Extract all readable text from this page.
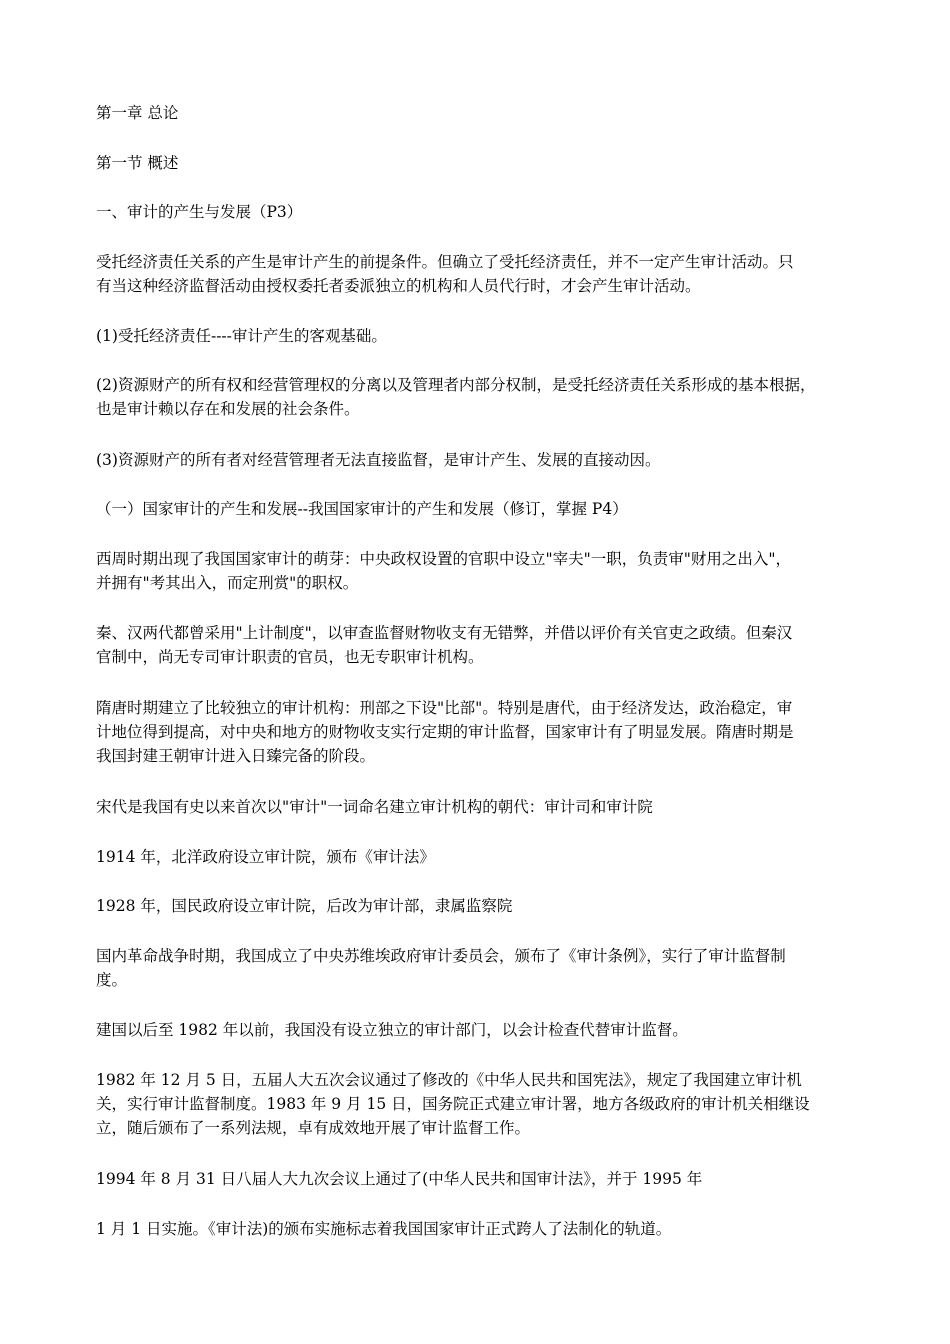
第一章 总论
第一节 概述
一、审计的产生与发展（P3）
受托经济责任关系的产生是审计产生的前提条件。但确立了受托经济责任，并不一定产生审计活动。只
有当这种经济监督活动由授权委托者委派独立的机构和人员代行时，才会产生审计活动。
(1)受托经济责任----审计产生的客观基础。
(2)资源财产的所有权和经营管理权的分离以及管理者内部分权制，是受托经济责任关系形成的基本根据，
也是审计赖以存在和发展的社会条件。
(3)资源财产的所有者对经营管理者无法直接监督，是审计产生、发展的直接动因。
（一）国家审计的产生和发展--我国国家审计的产生和发展（修订，掌握 P4）
西周时期出现了我国国家审计的萌芽：中央政权设置的官职中设立"宰夫"一职，负责审"财用之出入"，
并拥有"考其出入，而定刑赏"的职权。
秦、汉两代都曾采用"上计制度"，以审查监督财物收支有无错弊，并借以评价有关官吏之政绩。但秦汉
官制中，尚无专司审计职责的官员，也无专职审计机构。
隋唐时期建立了比较独立的审计机构：刑部之下设"比部"。特别是唐代，由于经济发达，政治稳定，审
计地位得到提高，对中央和地方的财物收支实行定期的审计监督，国家审计有了明显发展。隋唐时期是
我国封建王朝审计进入日臻完备的阶段。
宋代是我国有史以来首次以"审计"一词命名建立审计机构的朝代：审计司和审计院
1914 年，北洋政府设立审计院，颁布《审计法》
1928 年，国民政府设立审计院，后改为审计部，隶属监察院
国内革命战争时期，我国成立了中央苏维埃政府审计委员会，颁布了《审计条例》，实行了审计监督制
度。
建国以后至 1982 年以前，我国没有设立独立的审计部门，以会计检查代替审计监督。
1982 年 12 月 5 日，五届人大五次会议通过了修改的《中华人民共和国宪法》，规定了我国建立审计机
关，实行审计监督制度。1983 年 9 月 15 日，国务院正式建立审计署，地方各级政府的审计机关相继设
立，随后颁布了一系列法规，卓有成效地开展了审计监督工作。
1994 年 8 月 31 日八届人大九次会议上通过了(中华人民共和国审计法》，并于 1995 年
1 月 1 日实施。《审计法)的颁布实施标志着我国国家审计正式跨人了法制化的轨道。
